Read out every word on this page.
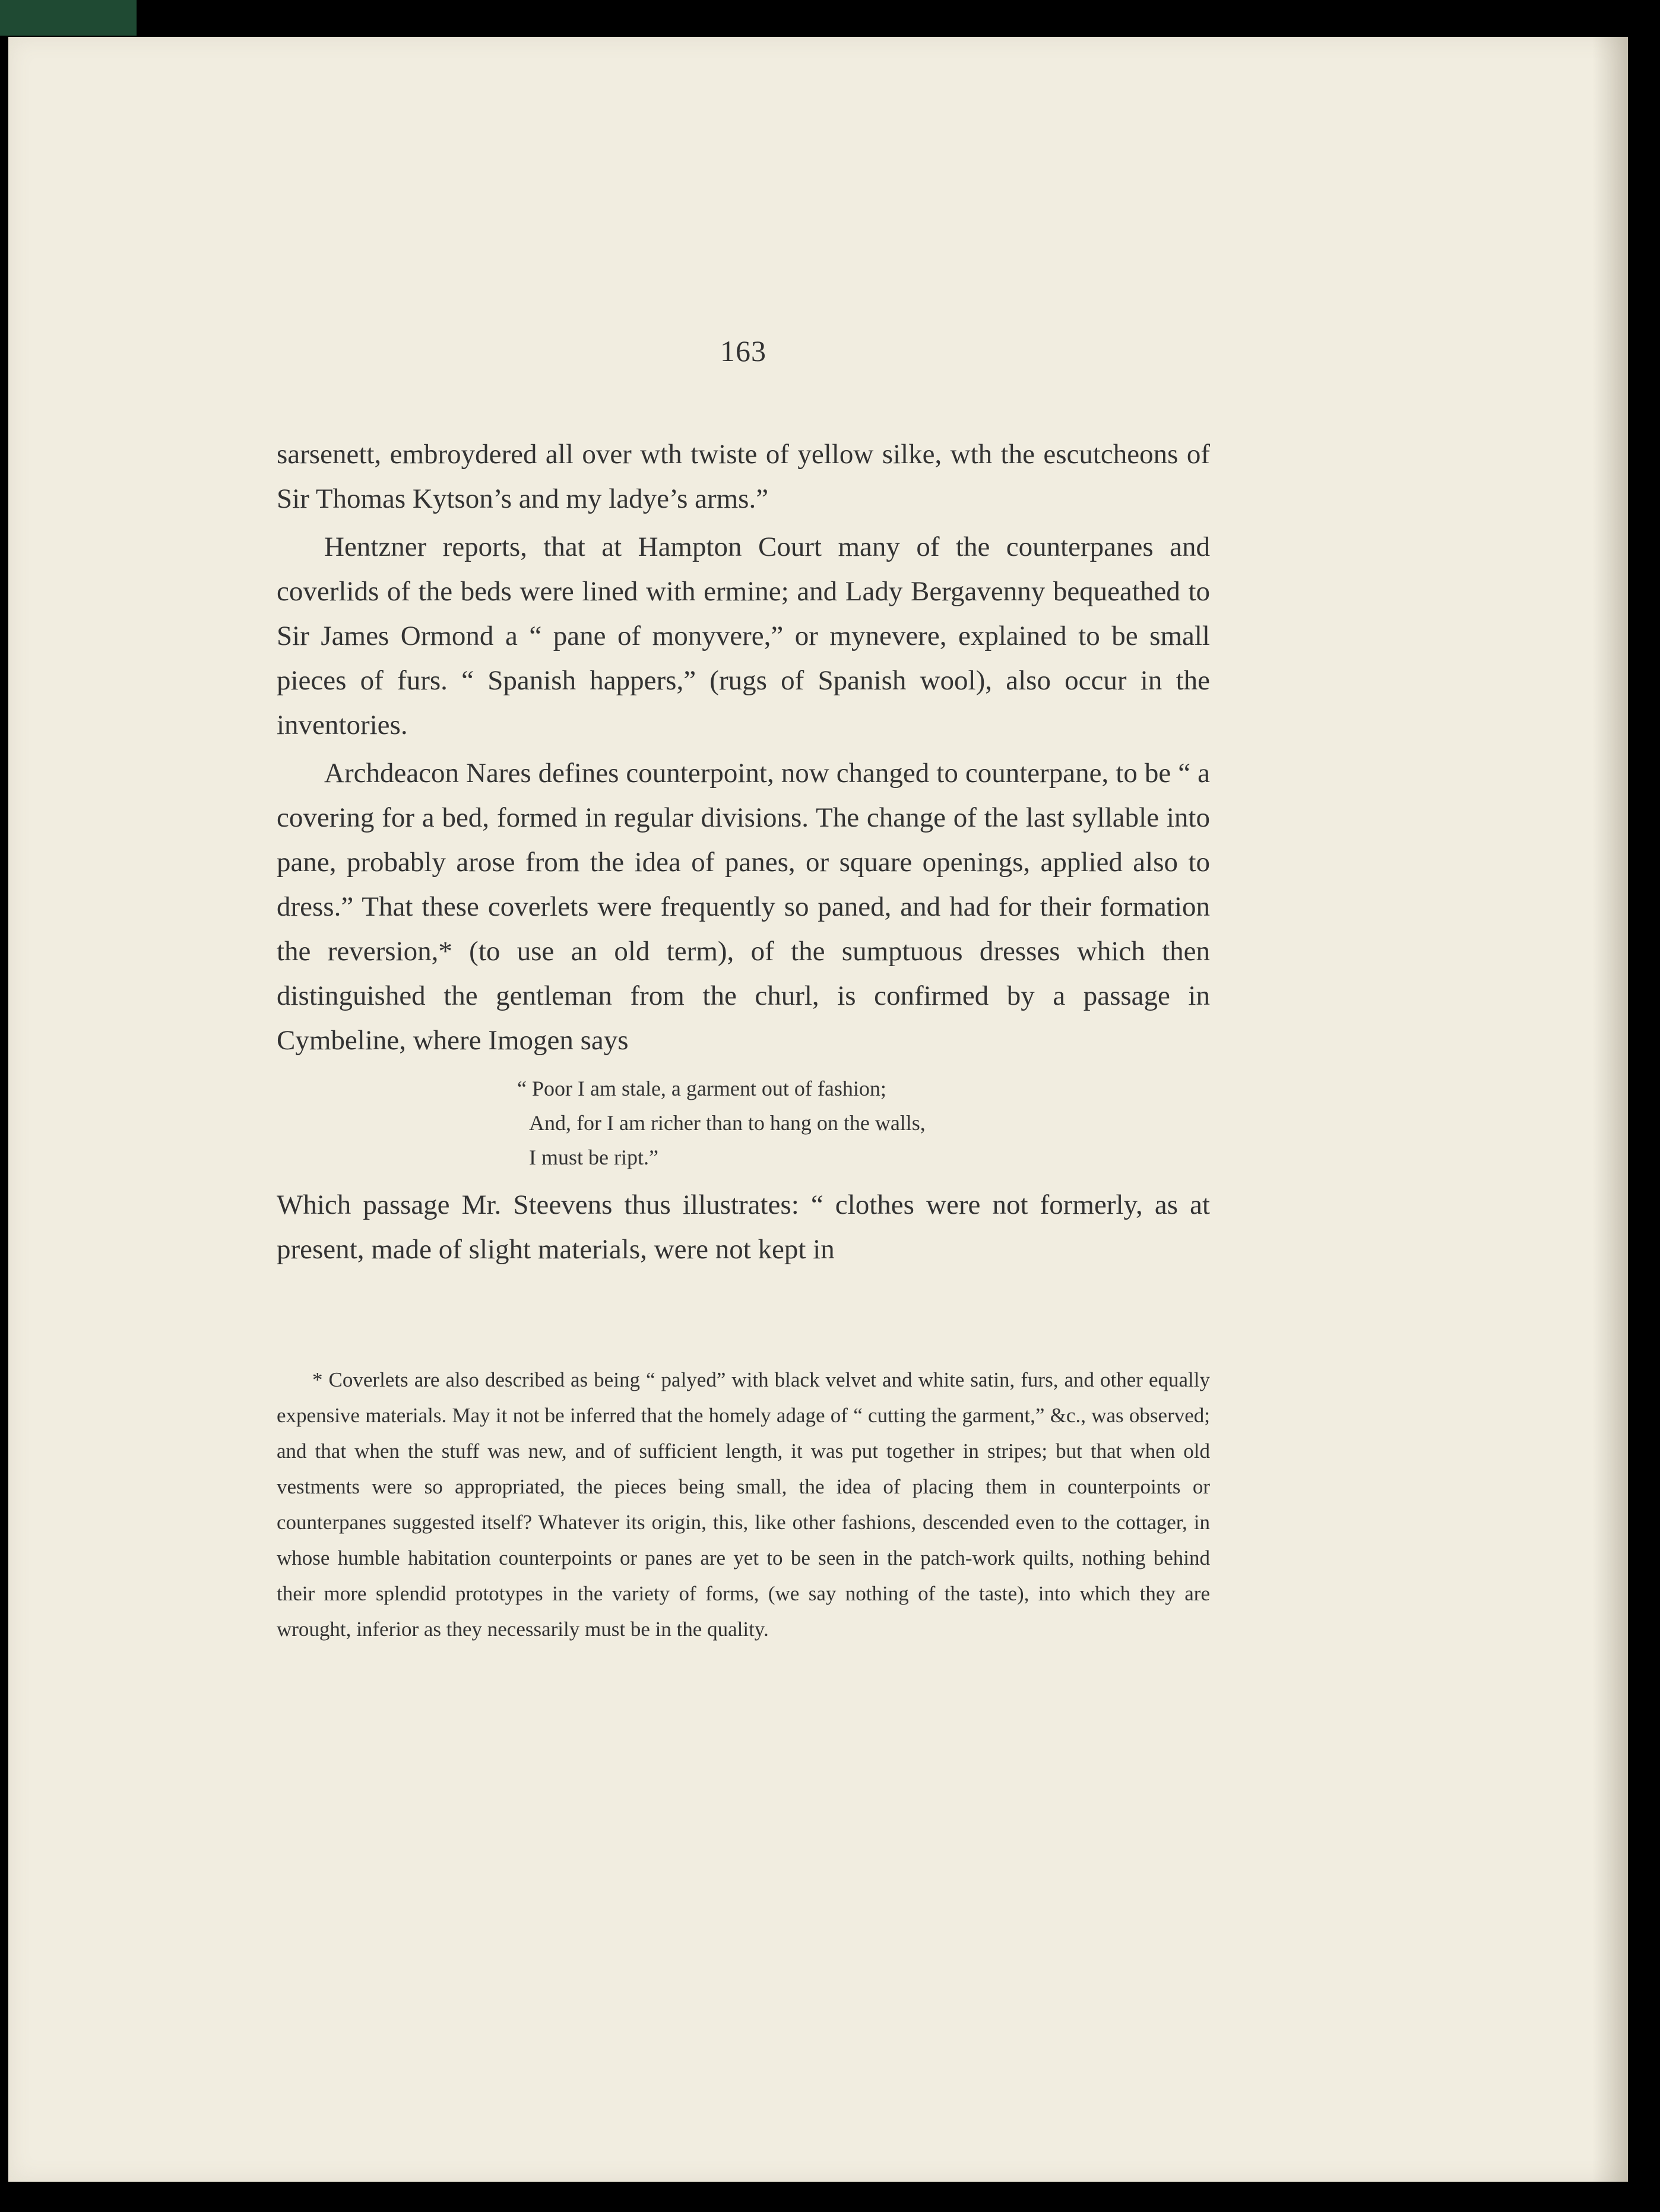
163

sarsenett, embroydered all over wth twiste of yellow silke, wth the escutcheons of Sir Thomas Kytson’s and my ladye’s arms.”

Hentzner reports, that at Hampton Court many of the counterpanes and coverlids of the beds were lined with ermine; and Lady Bergavenny bequeathed to Sir James Ormond a “ pane of monyvere,” or mynevere, explained to be small pieces of furs. “ Spanish happers,” (rugs of Spanish wool), also occur in the inventories.

Archdeacon Nares defines counterpoint, now changed to counterpane, to be “ a covering for a bed, formed in regular divisions. The change of the last syllable into pane, probably arose from the idea of panes, or square openings, applied also to dress.” That these coverlets were frequently so paned, and had for their formation the reversion,* (to use an old term), of the sumptuous dresses which then distinguished the gentleman from the churl, is confirmed by a passage in Cymbeline, where Imogen says

“ Poor I am stale, a garment out of fashion;
And, for I am richer than to hang on the walls,
I must be ript.”

Which passage Mr. Steevens thus illustrates: “ clothes were not formerly, as at present, made of slight materials, were not kept in

* Coverlets are also described as being “ palyed” with black velvet and white satin, furs, and other equally expensive materials. May it not be inferred that the homely adage of “ cutting the garment,” &c., was observed; and that when the stuff was new, and of sufficient length, it was put together in stripes; but that when old vestments were so appropriated, the pieces being small, the idea of placing them in counterpoints or counterpanes suggested itself? Whatever its origin, this, like other fashions, descended even to the cottager, in whose humble habitation counterpoints or panes are yet to be seen in the patch-work quilts, nothing behind their more splendid prototypes in the variety of forms, (we say nothing of the taste), into which they are wrought, inferior as they necessarily must be in the quality.
